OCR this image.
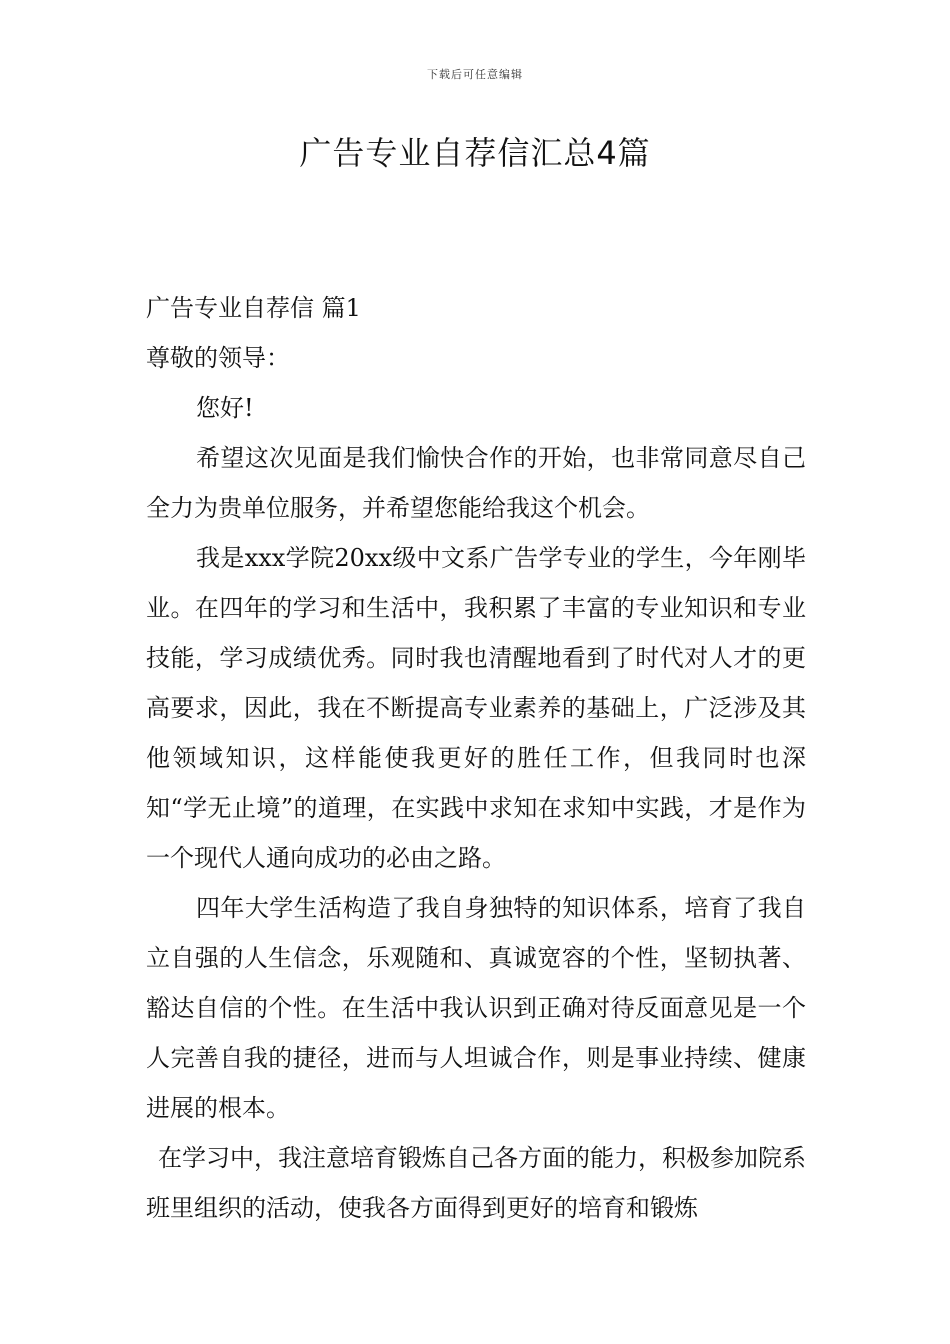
下载后可任意编辑
广告专业自荐信汇总4篇

广告专业自荐信 篇1

尊敬的领导：

您好!

希望这次见面是我们愉快合作的开始，也非常同意尽自己全力为贵单位服务，并希望您能给我这个机会。

我是xxx学院20xx级中文系广告学专业的学生，今年刚毕业。在四年的学习和生活中，我积累了丰富的专业知识和专业技能，学习成绩优秀。同时我也清醒地看到了时代对人才的更高要求，因此，我在不断提高专业素养的基础上，广泛涉及其他领域知识，这样能使我更好的胜任工作，但我同时也深知“学无止境”的道理，在实践中求知在求知中实践，才是作为一个现代人通向成功的必由之路。

四年大学生活构造了我自身独特的知识体系，培育了我自立自强的人生信念，乐观随和、真诚宽容的个性，坚韧执著、豁达自信的个性。在生活中我认识到正确对待反面意见是一个人完善自我的捷径，进而与人坦诚合作，则是事业持续、健康进展的根本。

在学习中，我注意培育锻炼自己各方面的能力，积极参加院系班里组织的活动，使我各方面得到更好的培育和锻炼
